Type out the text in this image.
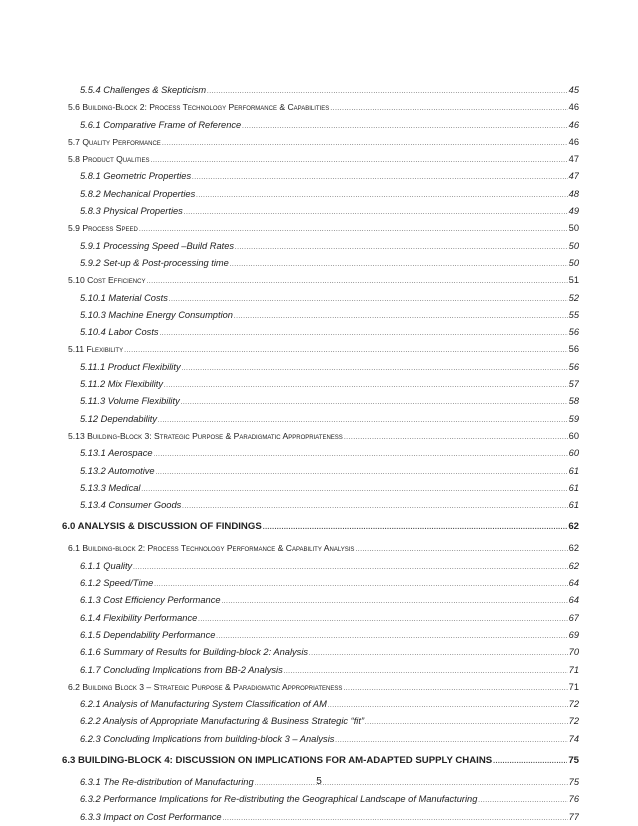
5.5.4 Challenges & Skepticism .....	45
5.6 Building-Block 2: Process Technology Performance & Capabilities .....	46
5.6.1 Comparative Frame of Reference .....	46
5.7 Quality Performance .....	46
5.8 Product Qualities .....	47
5.8.1 Geometric Properties .....	47
5.8.2 Mechanical Properties .....	48
5.8.3 Physical Properties .....	49
5.9 Process Speed .....	50
5.9.1 Processing Speed –Build Rates .....	50
5.9.2 Set-up & Post-processing time .....	50
5.10 Cost Efficiency .....	51
5.10.1 Material Costs .....	52
5.10.3 Machine Energy Consumption .....	55
5.10.4 Labor Costs .....	56
5.11 Flexibility .....	56
5.11.1 Product Flexibility .....	56
5.11.2 Mix Flexibility .....	57
5.11.3 Volume Flexibility .....	58
5.12 Dependability .....	59
5.13 Building-Block 3: Strategic Purpose & Paradigmatic Appropriateness .....	60
5.13.1 Aerospace .....	60
5.13.2 Automotive .....	61
5.13.3 Medical .....	61
5.13.4 Consumer Goods .....	61
6.0 ANALYSIS & DISCUSSION OF FINDINGS .....	62
6.1 Building-block 2: Process Technology Performance & Capability Analysis .....	62
6.1.1 Quality .....	62
6.1.2 Speed/Time .....	64
6.1.3 Cost Efficiency Performance .....	64
6.1.4 Flexibility Performance .....	67
6.1.5 Dependability Performance .....	69
6.1.6 Summary of Results for Building-block 2: Analysis .....	70
6.1.7 Concluding Implications from BB-2 Analysis .....	71
6.2 Building Block 3 – Strategic Purpose & Paradigmatic Appropriateness .....	71
6.2.1 Analysis of Manufacturing System Classification of AM .....	72
6.2.2 Analysis of Appropriate Manufacturing & Business Strategic “fit” .....	72
6.2.3 Concluding Implications from building-block 3 – Analysis .....	74
6.3 BUILDING-BLOCK 4: DISCUSSION ON IMPLICATIONS FOR AM-ADAPTED SUPPLY CHAINS .....	75
6.3.1 The Re-distribution of Manufacturing .....	75
6.3.2 Performance Implications for Re-distributing the Geographical Landscape of Manufacturing .....	76
6.3.3 Impact on Cost Performance .....	77
5
